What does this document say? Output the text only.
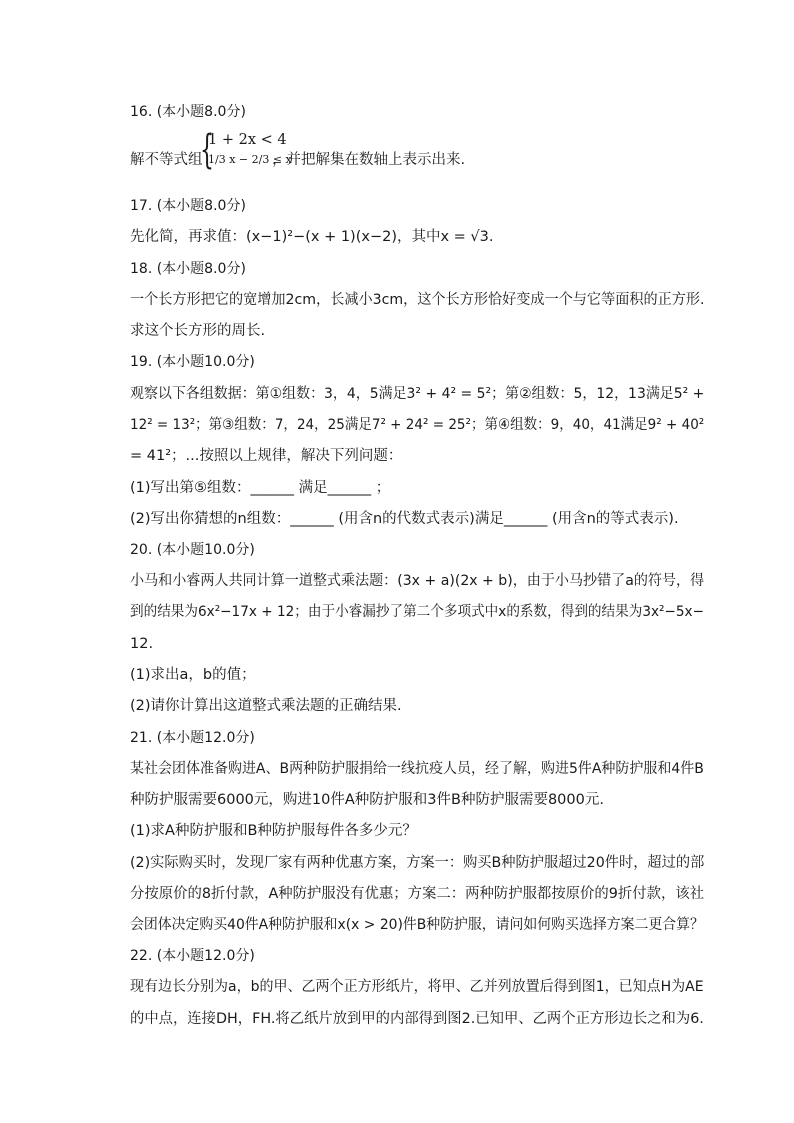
16. (本小题8.0分)
解不等式组
{
1 + 2x < 4
1/3 x − 2/3 ≤ x
，并把解集在数轴上表示出来.
17. (本小题8.0分)
先化简，再求值：(x−1)²−(x + 1)(x−2)，其中x = √3.
18. (本小题8.0分)
一个长方形把它的宽增加2cm，长减小3cm，这个长方形恰好变成一个与它等面积的正方形.
求这个长方形的周长.
19. (本小题10.0分)
观察以下各组数据：第①组数：3，4，5满足3² + 4² = 5²；第②组数：5，12，13满足5² +
12² = 13²；第③组数：7，24，25满足7² + 24² = 25²；第④组数：9，40，41满足9² + 40²
= 41²；...按照以上规律，解决下列问题：
(1)写出第⑤组数：______ 满足______ ；
(2)写出你猜想的n组数：______ (用含n的代数式表示)满足______ (用含n的等式表示).
20. (本小题10.0分)
小马和小睿两人共同计算一道整式乘法题：(3x + a)(2x + b)，由于小马抄错了a的符号，得
到的结果为6x²−17x + 12；由于小睿漏抄了第二个多项式中x的系数，得到的结果为3x²−5x−
12.
(1)求出a，b的值；
(2)请你计算出这道整式乘法题的正确结果.
21. (本小题12.0分)
某社会团体准备购进A、B两种防护服捐给一线抗疫人员，经了解，购进5件A种防护服和4件B
种防护服需要6000元，购进10件A种防护服和3件B种防护服需要8000元.
(1)求A种防护服和B种防护服每件各多少元？
(2)实际购买时，发现厂家有两种优惠方案，方案一：购买B种防护服超过20件时，超过的部
分按原价的8折付款，A种防护服没有优惠；方案二：两种防护服都按原价的9折付款，该社
会团体决定购买40件A种防护服和x(x > 20)件B种防护服，请问如何购买选择方案二更合算？
22. (本小题12.0分)
现有边长分别为a，b的甲、乙两个正方形纸片，将甲、乙并列放置后得到图1，已知点H为AE
的中点，连接DH，FH.将乙纸片放到甲的内部得到图2.已知甲、乙两个正方形边长之和为6.
